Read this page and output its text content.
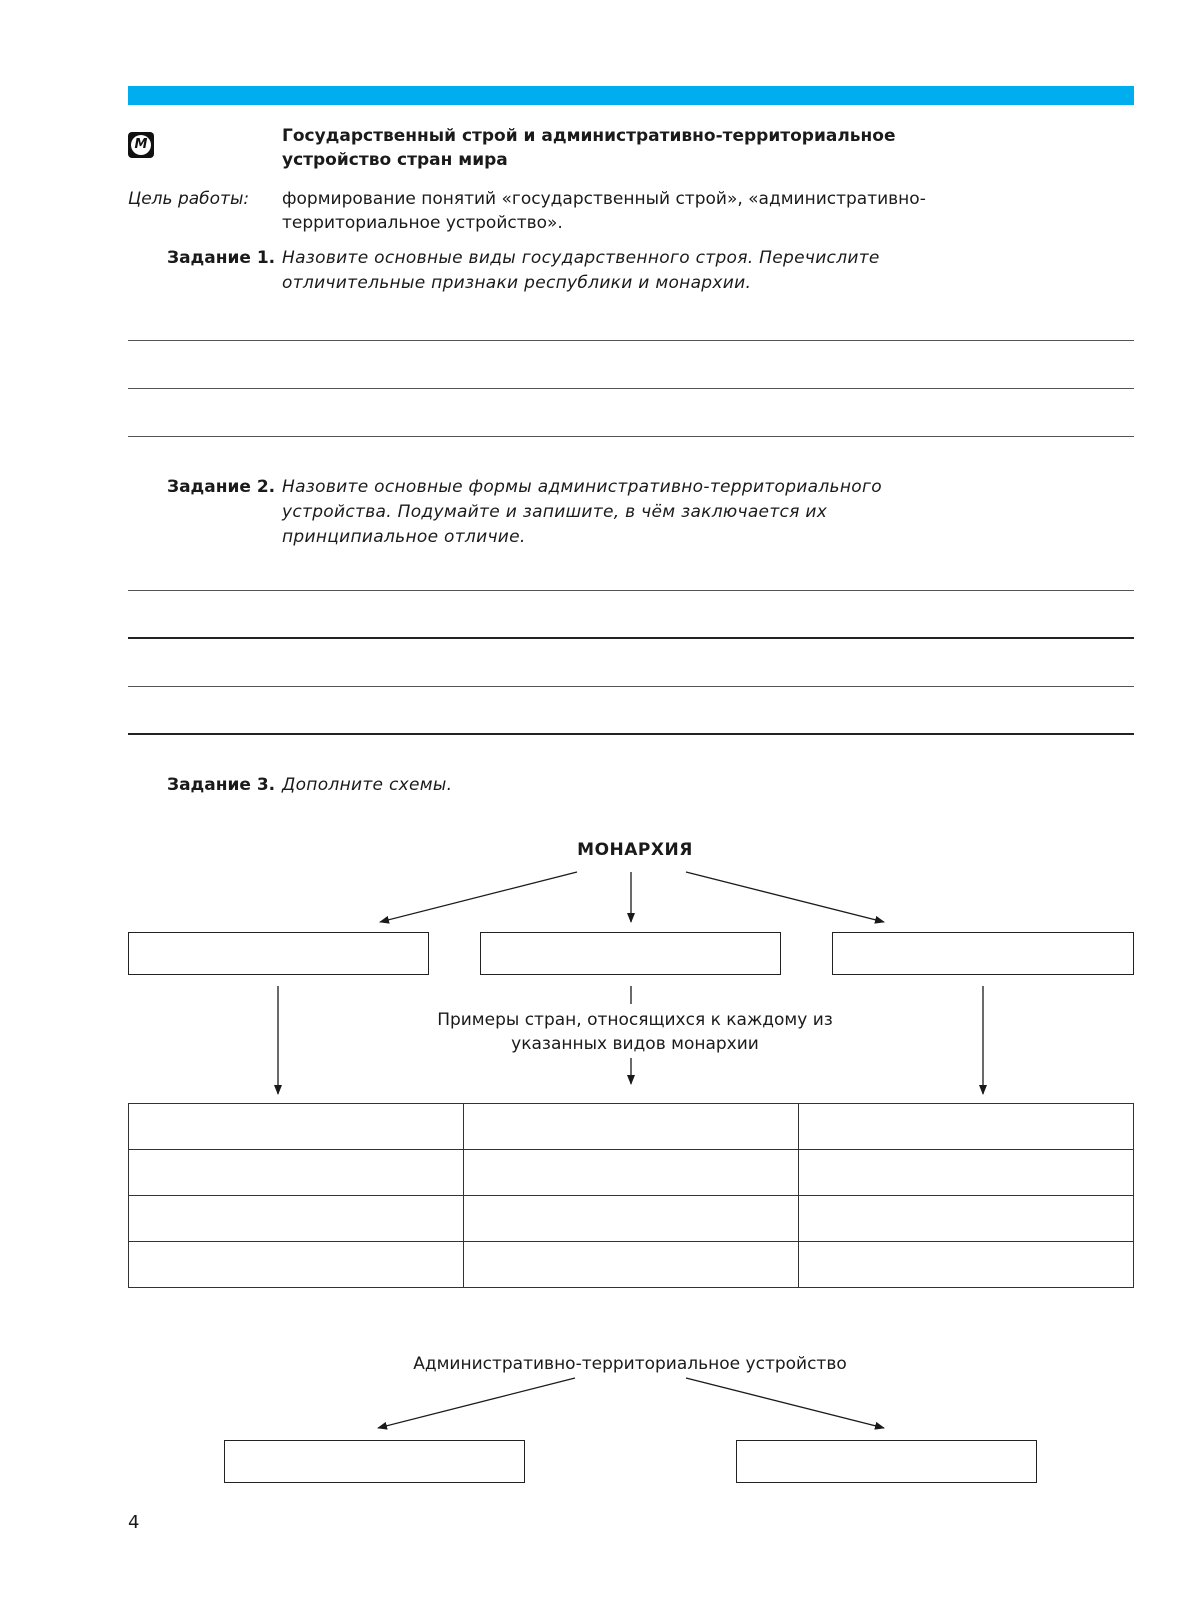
М	Государственный строй и административно-территориальное устройство стран мира
Цель работы: формирование понятий «государственный строй», «административно-территориальное устройство».
Задание 1. Назовите основные виды государственного строя. Перечислите отличительные признаки республики и монархии.
Задание 2. Назовите основные формы административно-территориального устройства. Подумайте и запишите, в чём заключается их принципиальное отличие.
Задание 3. Дополните схемы.
МОНАРХИЯ
Примеры стран, относящихся к каждому из указанных видов монархии

Административно-территориальное устройство
4
